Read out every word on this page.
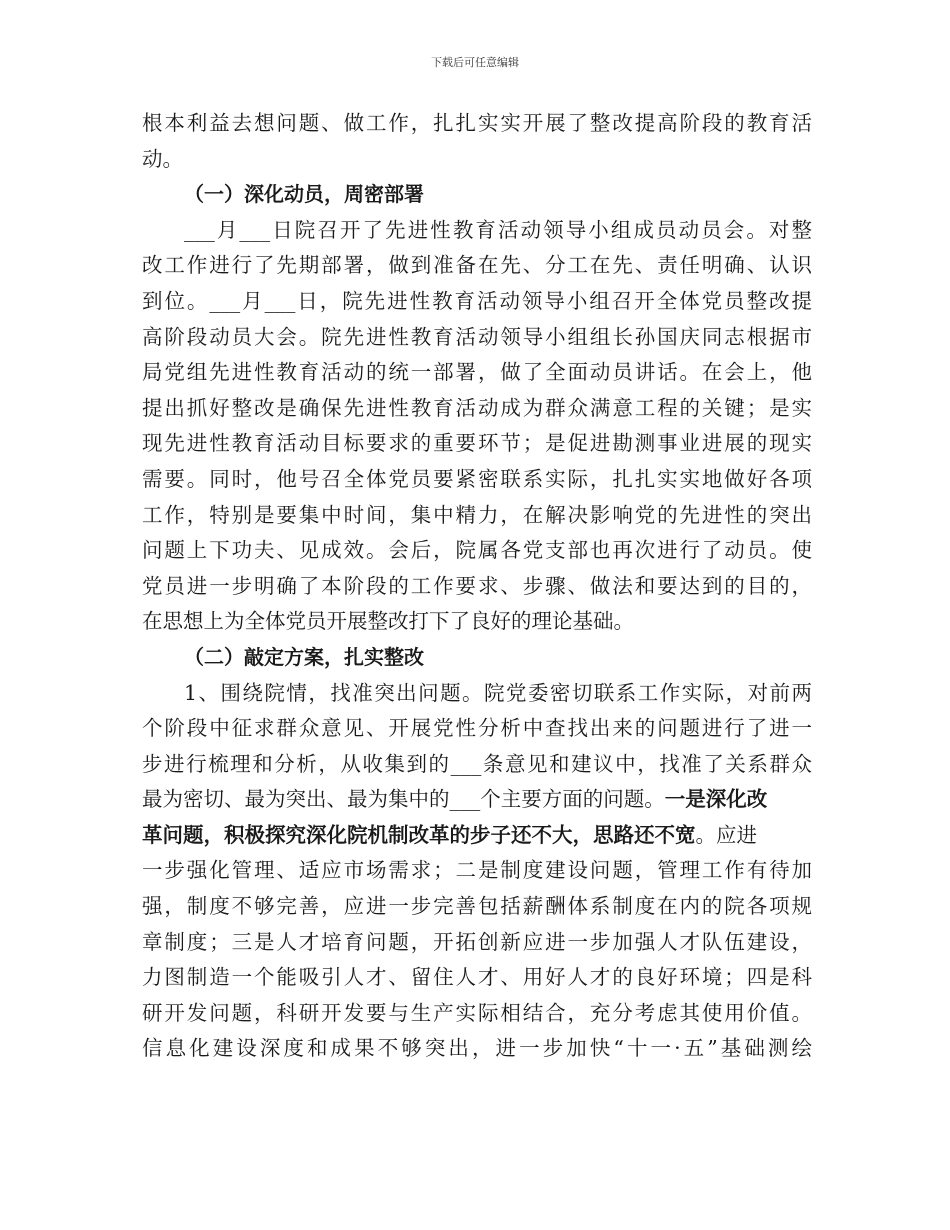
下载后可任意编辑
根本利益去想问题、做工作，扎扎实实开展了整改提高阶段的教育活
动。
（一）深化动员，周密部署
___月___日院召开了先进性教育活动领导小组成员动员会。对整
改工作进行了先期部署，做到准备在先、分工在先、责任明确、认识
到位。___月___日，院先进性教育活动领导小组召开全体党员整改提
高阶段动员大会。院先进性教育活动领导小组组长孙国庆同志根据市
局党组先进性教育活动的统一部署，做了全面动员讲话。在会上，他
提出抓好整改是确保先进性教育活动成为群众满意工程的关键；是实
现先进性教育活动目标要求的重要环节；是促进勘测事业进展的现实
需要。同时，他号召全体党员要紧密联系实际，扎扎实实地做好各项
工作，特别是要集中时间，集中精力，在解决影响党的先进性的突出
问题上下功夫、见成效。会后，院属各党支部也再次进行了动员。使
党员进一步明确了本阶段的工作要求、步骤、做法和要达到的目的，
在思想上为全体党员开展整改打下了良好的理论基础。
（二）敲定方案，扎实整改
1、围绕院情，找准突出问题。院党委密切联系工作实际，对前两
个阶段中征求群众意见、开展党性分析中查找出来的问题进行了进一
步进行梳理和分析，从收集到的___条意见和建议中，找准了关系群众
最为密切、最为突出、最为集中的___个主要方面的问题。一是深化改
革问题，积极探究深化院机制改革的步子还不大，思路还不宽。应进
一步强化管理、适应市场需求；二是制度建设问题，管理工作有待加
强，制度不够完善，应进一步完善包括薪酬体系制度在内的院各项规
章制度；三是人才培育问题，开拓创新应进一步加强人才队伍建设，
力图制造一个能吸引人才、留住人才、用好人才的良好环境；四是科
研开发问题，科研开发要与生产实际相结合，充分考虑其使用价值。
信息化建设深度和成果不够突出，进一步加快“十一·五”基础测绘
